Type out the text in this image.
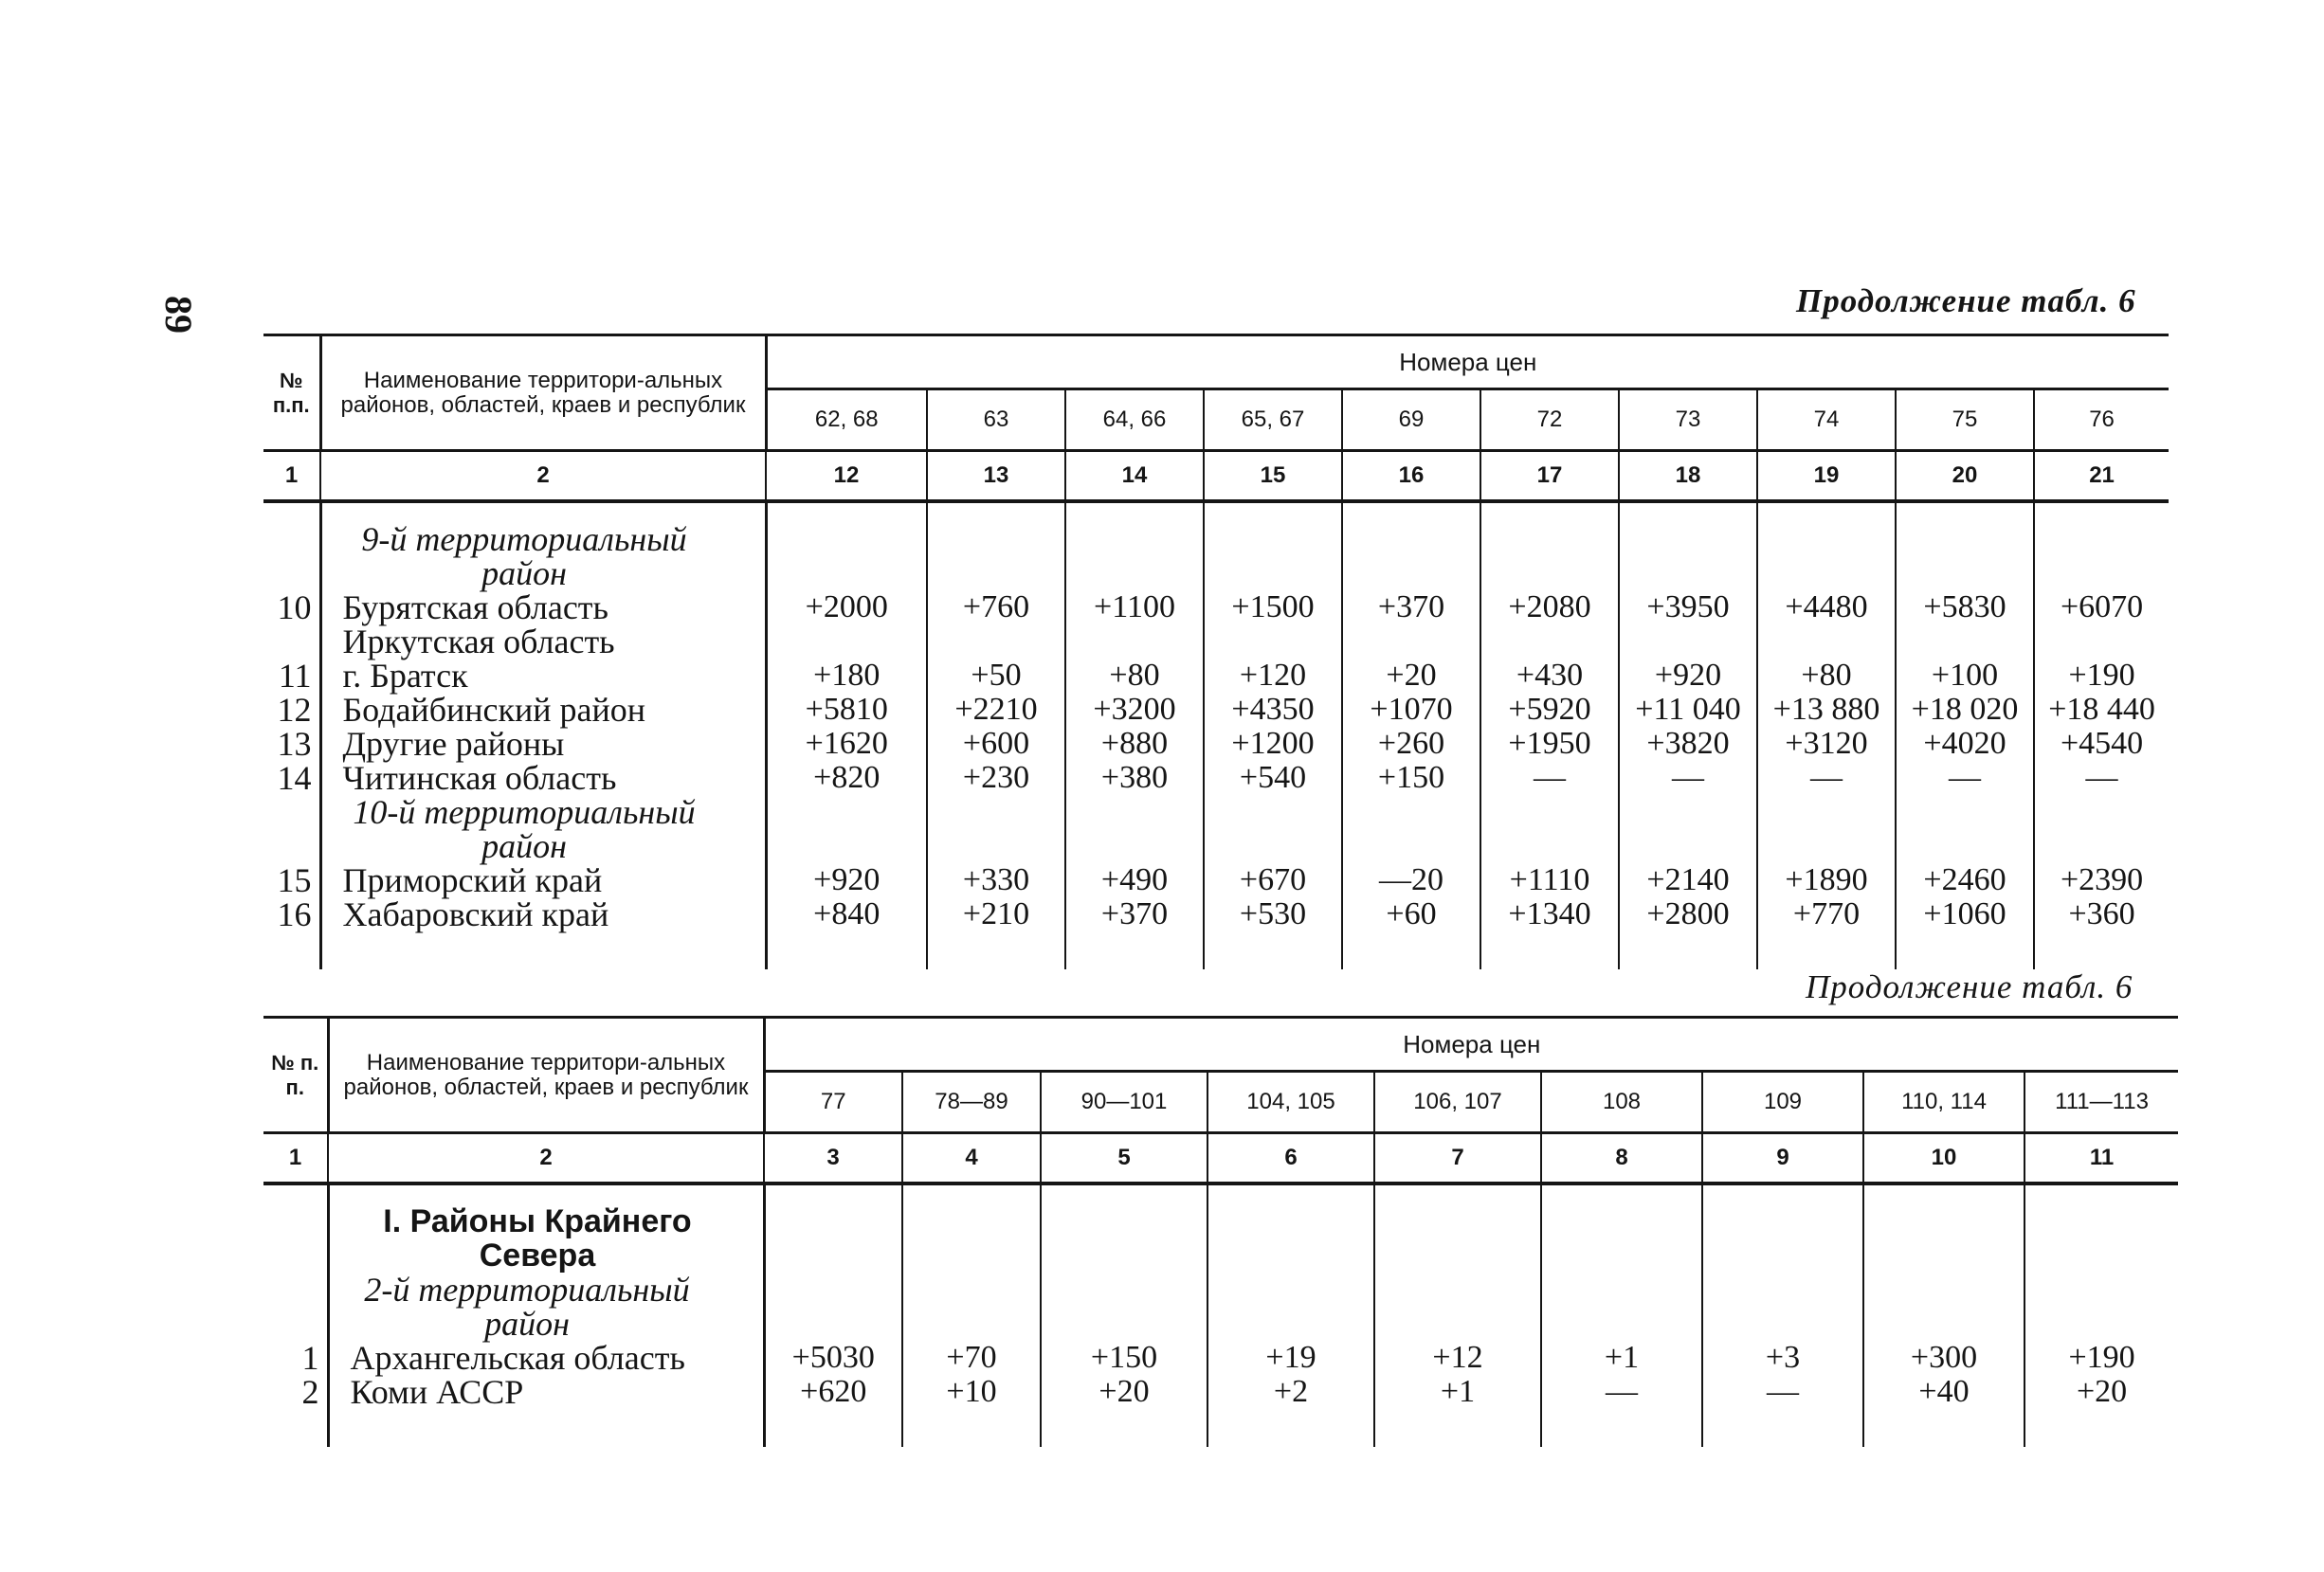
89	Продолжение табл. 6
Продолжение табл. 6
№ п.п.	Наименование территори-альных районов, областей, краев и республик	Номера цен									
		62, 68	63	64, 66	65, 67	69	72	73	74	75	76
1	2	12	13	14	15	16	17	18	19	20	21

	9-й территориальный район										
10	Бурятская область	+2000	+760	+1100	+1500	+370	+2080	+3950	+4480	+5830	+6070
	Иркутская область										
11	г. Братск	+180	+50	+80	+120	+20	+430	+920	+80	+100	+190
12	Бодайбинский район	+5810	+2210	+3200	+4350	+1070	+5920	+11 040	+13 880	+18 020	+18 440
13	Другие районы	+1620	+600	+880	+1200	+260	+1950	+3820	+3120	+4020	+4540
14	Читинская область	+820	+230	+380	+540	+150	—	—	—	—	—
	10-й территориальный район										
15	Приморский край	+920	+330	+490	+670	—20	+1110	+2140	+1890	+2460	+2390
16	Хабаровский край	+840	+210	+370	+530	+60	+1340	+2800	+770	+1060	+360

№ п. п.	Наименование территори-альных районов, областей, краев и республик	Номера цен								
		77	78—89	90—101	104, 105	106, 107	108	109	110, 114	111—113
1	2	3	4	5	6	7	8	9	10	11

	I. Районы Крайнего Севера									
	2-й территориальный район									
1	Архангельская область	+5030	+70	+150	+19	+12	+1	+3	+300	+190
2	Коми АССР	+620	+10	+20	+2	+1	—	—	+40	+20
